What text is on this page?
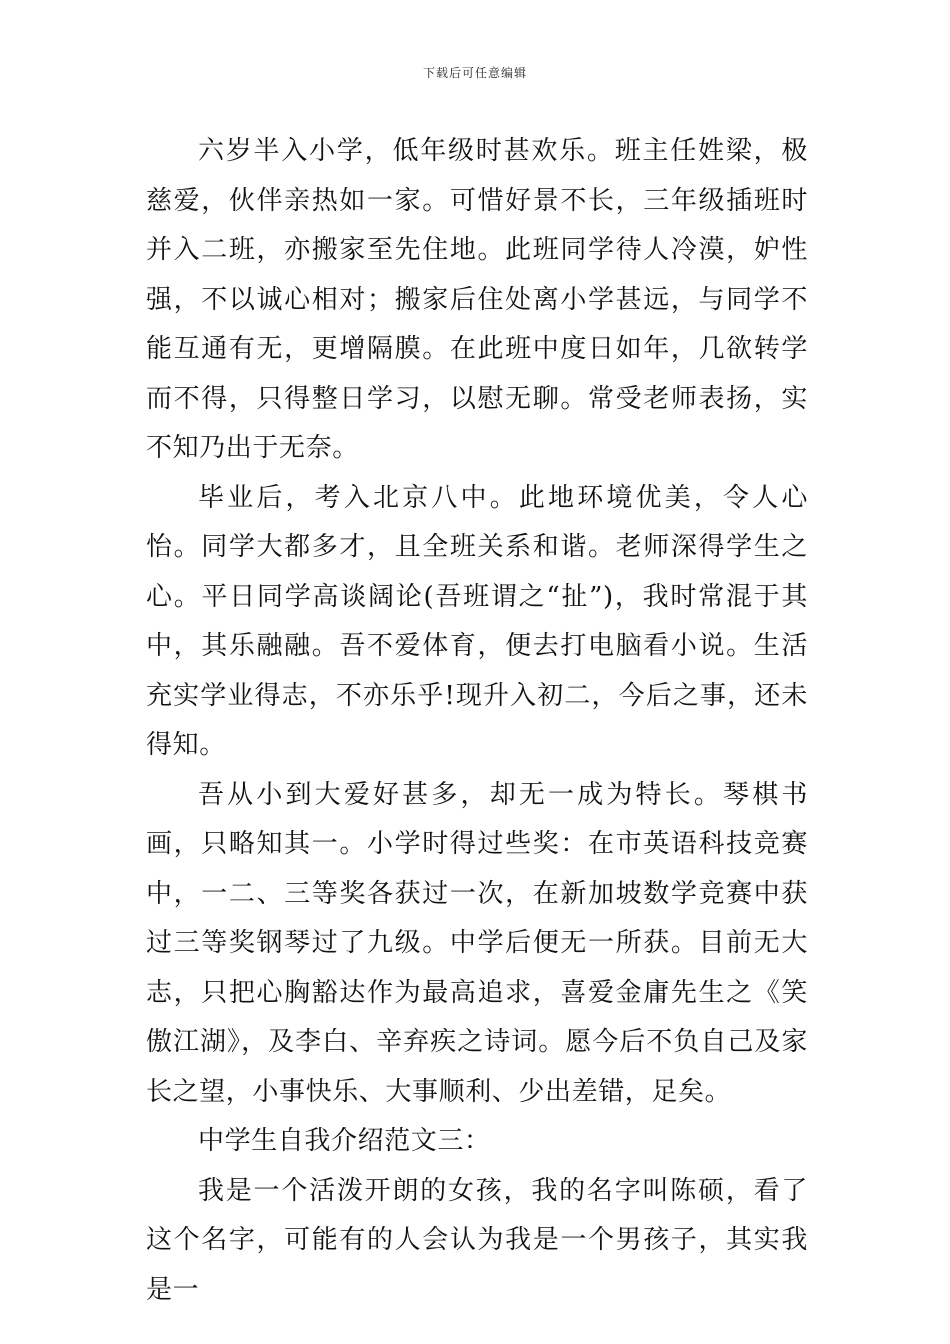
下载后可任意编辑

六岁半入小学，低年级时甚欢乐。班主任姓梁，极慈爱，伙伴亲热如一家。可惜好景不长，三年级插班时并入二班，亦搬家至先住地。此班同学待人冷漠，妒性强，不以诚心相对；搬家后住处离小学甚远，与同学不能互通有无，更增隔膜。在此班中度日如年，几欲转学而不得，只得整日学习，以慰无聊。常受老师表扬，实不知乃出于无奈。

毕业后，考入北京八中。此地环境优美，令人心怡。同学大都多才，且全班关系和谐。老师深得学生之心。平日同学高谈阔论(吾班谓之“扯”)，我时常混于其中，其乐融融。吾不爱体育，便去打电脑看小说。生活充实学业得志，不亦乐乎!现升入初二，今后之事，还未得知。

吾从小到大爱好甚多，却无一成为特长。琴棋书画，只略知其一。小学时得过些奖：在市英语科技竞赛中，一二、三等奖各获过一次，在新加坡数学竞赛中获过三等奖钢琴过了九级。中学后便无一所获。目前无大志，只把心胸豁达作为最高追求，喜爱金庸先生之《笑傲江湖》，及李白、辛弃疾之诗词。愿今后不负自己及家长之望，小事快乐、大事顺利、少出差错，足矣。

中学生自我介绍范文三：

我是一个活泼开朗的女孩，我的名字叫陈硕，看了这个名字，可能有的人会认为我是一个男孩子，其实我是一
